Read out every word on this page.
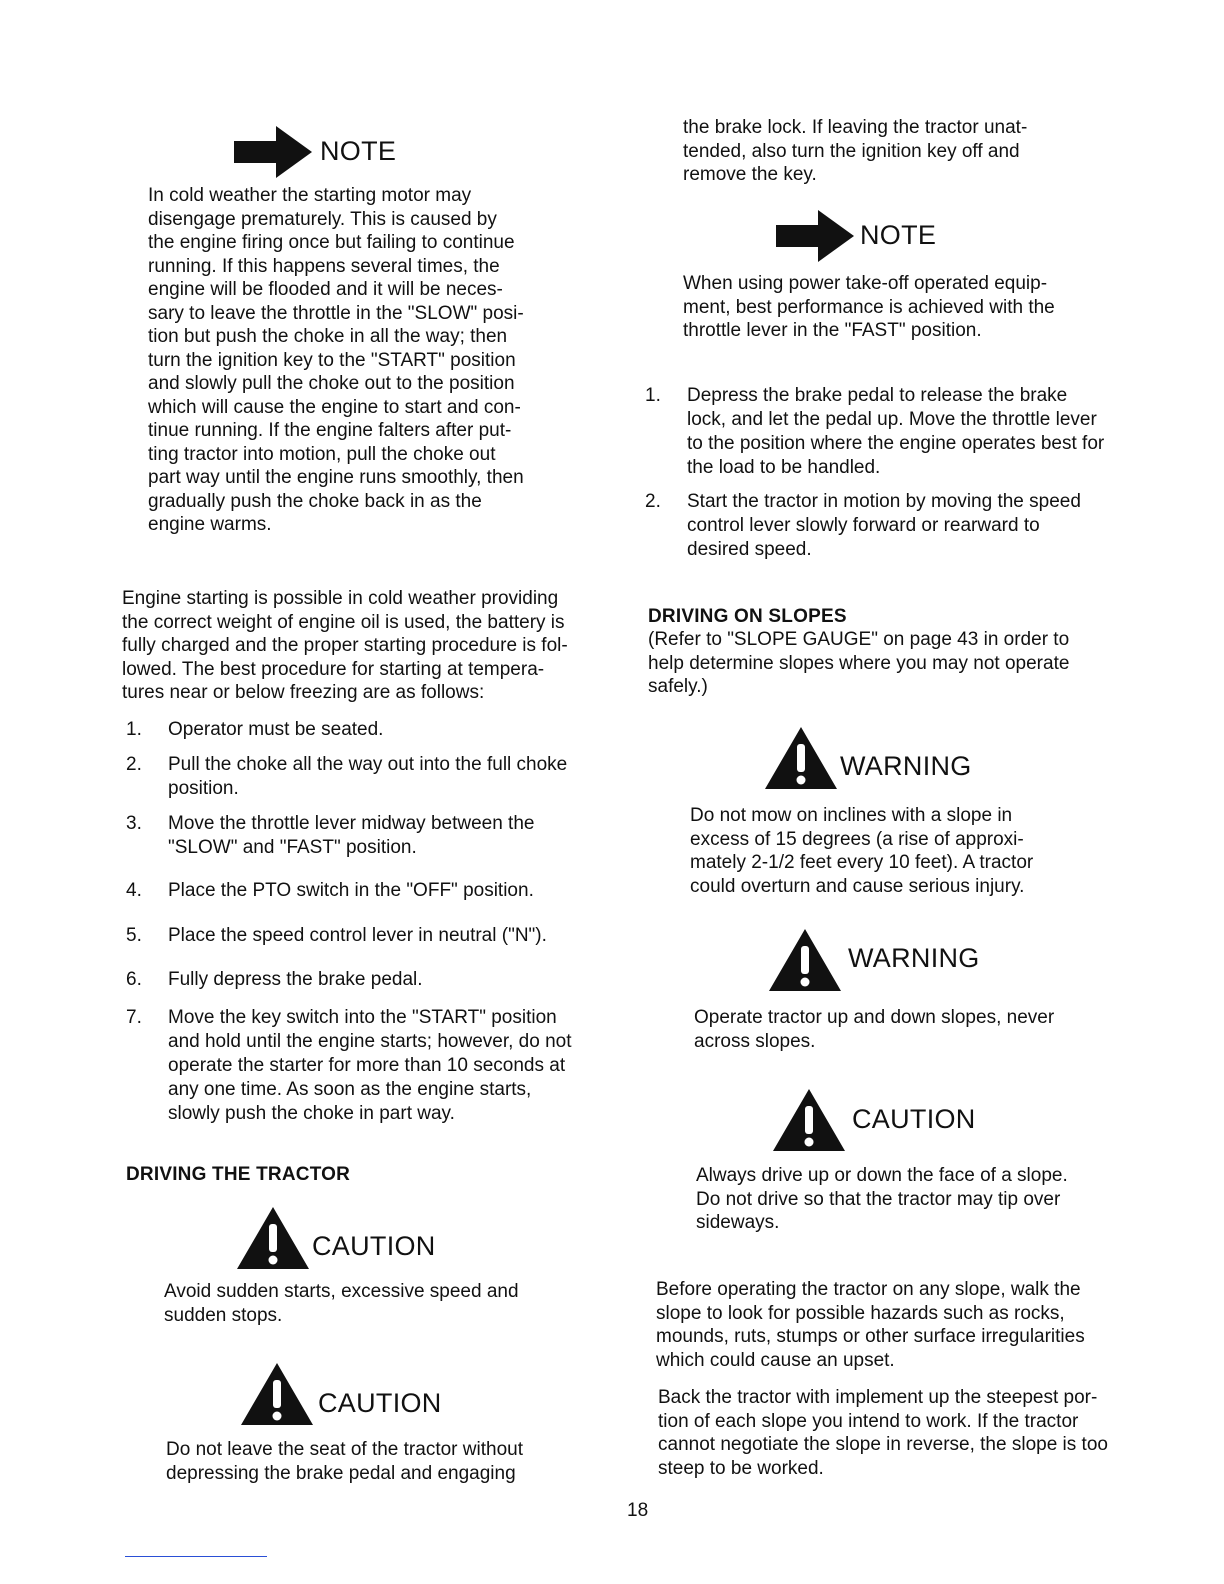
NOTE
In cold weather the starting motor may
disengage prematurely. This is caused by
the engine firing once but failing to continue
running. If this happens several times, the
engine will be flooded and it will be neces-
sary to leave the throttle in the "SLOW" posi-
tion but push the choke in all the way; then
turn the ignition key to the "START" position
and slowly pull the choke out to the position
which will cause the engine to start and con-
tinue running. If the engine falters after put-
ting tractor into motion, pull the choke out
part way until the engine runs smoothly, then
gradually push the choke back in as the
engine warms.
Engine starting is possible in cold weather providing
the correct weight of engine oil is used, the battery is
fully charged and the proper starting procedure is fol-
lowed. The best procedure for starting at tempera-
tures near or below freezing are as follows:
1. Operator must be seated.
2. Pull the choke all the way out into the full choke
position.
3. Move the throttle lever midway between the
"SLOW" and "FAST" position.
4. Place the PTO switch in the "OFF" position.
5. Place the speed control lever in neutral ("N").
6. Fully depress the brake pedal.
7. Move the key switch into the "START" position
and hold until the engine starts; however, do not
operate the starter for more than 10 seconds at
any one time. As soon as the engine starts,
slowly push the choke in part way.
DRIVING THE TRACTOR
CAUTION
Avoid sudden starts, excessive speed and
sudden stops.
CAUTION
Do not leave the seat of the tractor without
depressing the brake pedal and engaging
the brake lock. If leaving the tractor unat-
tended, also turn the ignition key off and
remove the key.
NOTE
When using power take-off operated equip-
ment, best performance is achieved with the
throttle lever in the "FAST" position.
1. Depress the brake pedal to release the brake
lock, and let the pedal up. Move the throttle lever
to the position where the engine operates best for
the load to be handled.
2. Start the tractor in motion by moving the speed
control lever slowly forward or rearward to
desired speed.
DRIVING ON SLOPES
(Refer to "SLOPE GAUGE" on page 43 in order to
help determine slopes where you may not operate
safely.)
WARNING
Do not mow on inclines with a slope in
excess of 15 degrees (a rise of approxi-
mately 2-1/2 feet every 10 feet). A tractor
could overturn and cause serious injury.
WARNING
Operate tractor up and down slopes, never
across slopes.
CAUTION
Always drive up or down the face of a slope.
Do not drive so that the tractor may tip over
sideways.
Before operating the tractor on any slope, walk the
slope to look for possible hazards such as rocks,
mounds, ruts, stumps or other surface irregularities
which could cause an upset.
Back the tractor with implement up the steepest por-
tion of each slope you intend to work. If the tractor
cannot negotiate the slope in reverse, the slope is too
steep to be worked.
18
